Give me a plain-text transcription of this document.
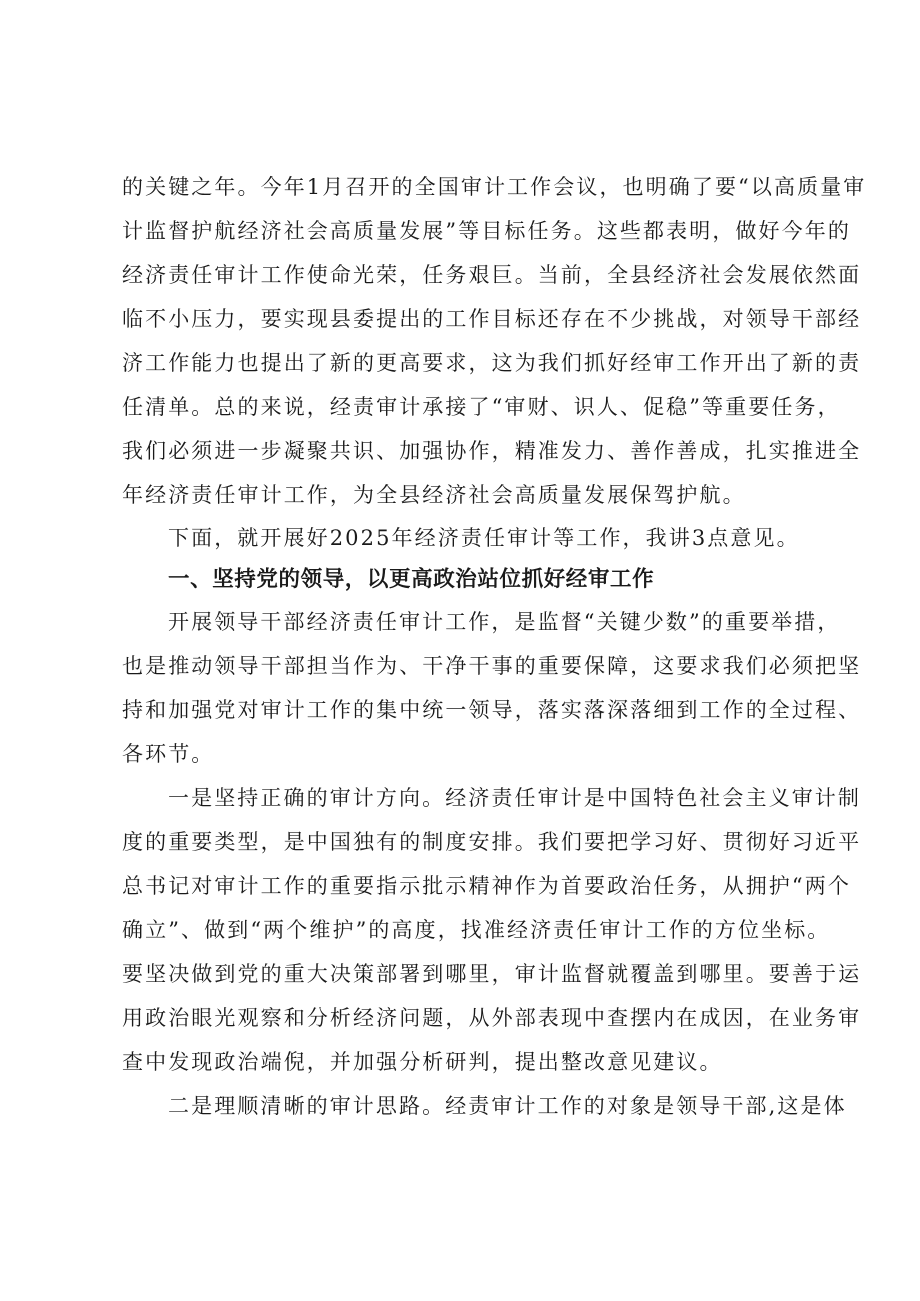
的关键之年。今年1月召开的全国审计工作会议，也明确了要“以高质量审
计监督护航经济社会高质量发展”等目标任务。这些都表明，做好今年的
经济责任审计工作使命光荣，任务艰巨。当前，全县经济社会发展依然面
临不小压力，要实现县委提出的工作目标还存在不少挑战，对领导干部经
济工作能力也提出了新的更高要求，这为我们抓好经审工作开出了新的责
任清单。总的来说，经责审计承接了“审财、识人、促稳”等重要任务，
我们必须进一步凝聚共识、加强协作，精准发力、善作善成，扎实推进全
年经济责任审计工作，为全县经济社会高质量发展保驾护航。
下面，就开展好2025年经济责任审计等工作，我讲3点意见。
一、坚持党的领导，以更高政治站位抓好经审工作
开展领导干部经济责任审计工作，是监督“关键少数”的重要举措，
也是推动领导干部担当作为、干净干事的重要保障，这要求我们必须把坚
持和加强党对审计工作的集中统一领导，落实落深落细到工作的全过程、
各环节。
一是坚持正确的审计方向。经济责任审计是中国特色社会主义审计制
度的重要类型，是中国独有的制度安排。我们要把学习好、贯彻好习近平
总书记对审计工作的重要指示批示精神作为首要政治任务，从拥护“两个
确立”、做到“两个维护”的高度，找准经济责任审计工作的方位坐标。
要坚决做到党的重大决策部署到哪里，审计监督就覆盖到哪里。要善于运
用政治眼光观察和分析经济问题，从外部表现中查摆内在成因，在业务审
查中发现政治端倪，并加强分析研判，提出整改意见建议。
二是理顺清晰的审计思路。经责审计工作的对象是领导干部,这是体
